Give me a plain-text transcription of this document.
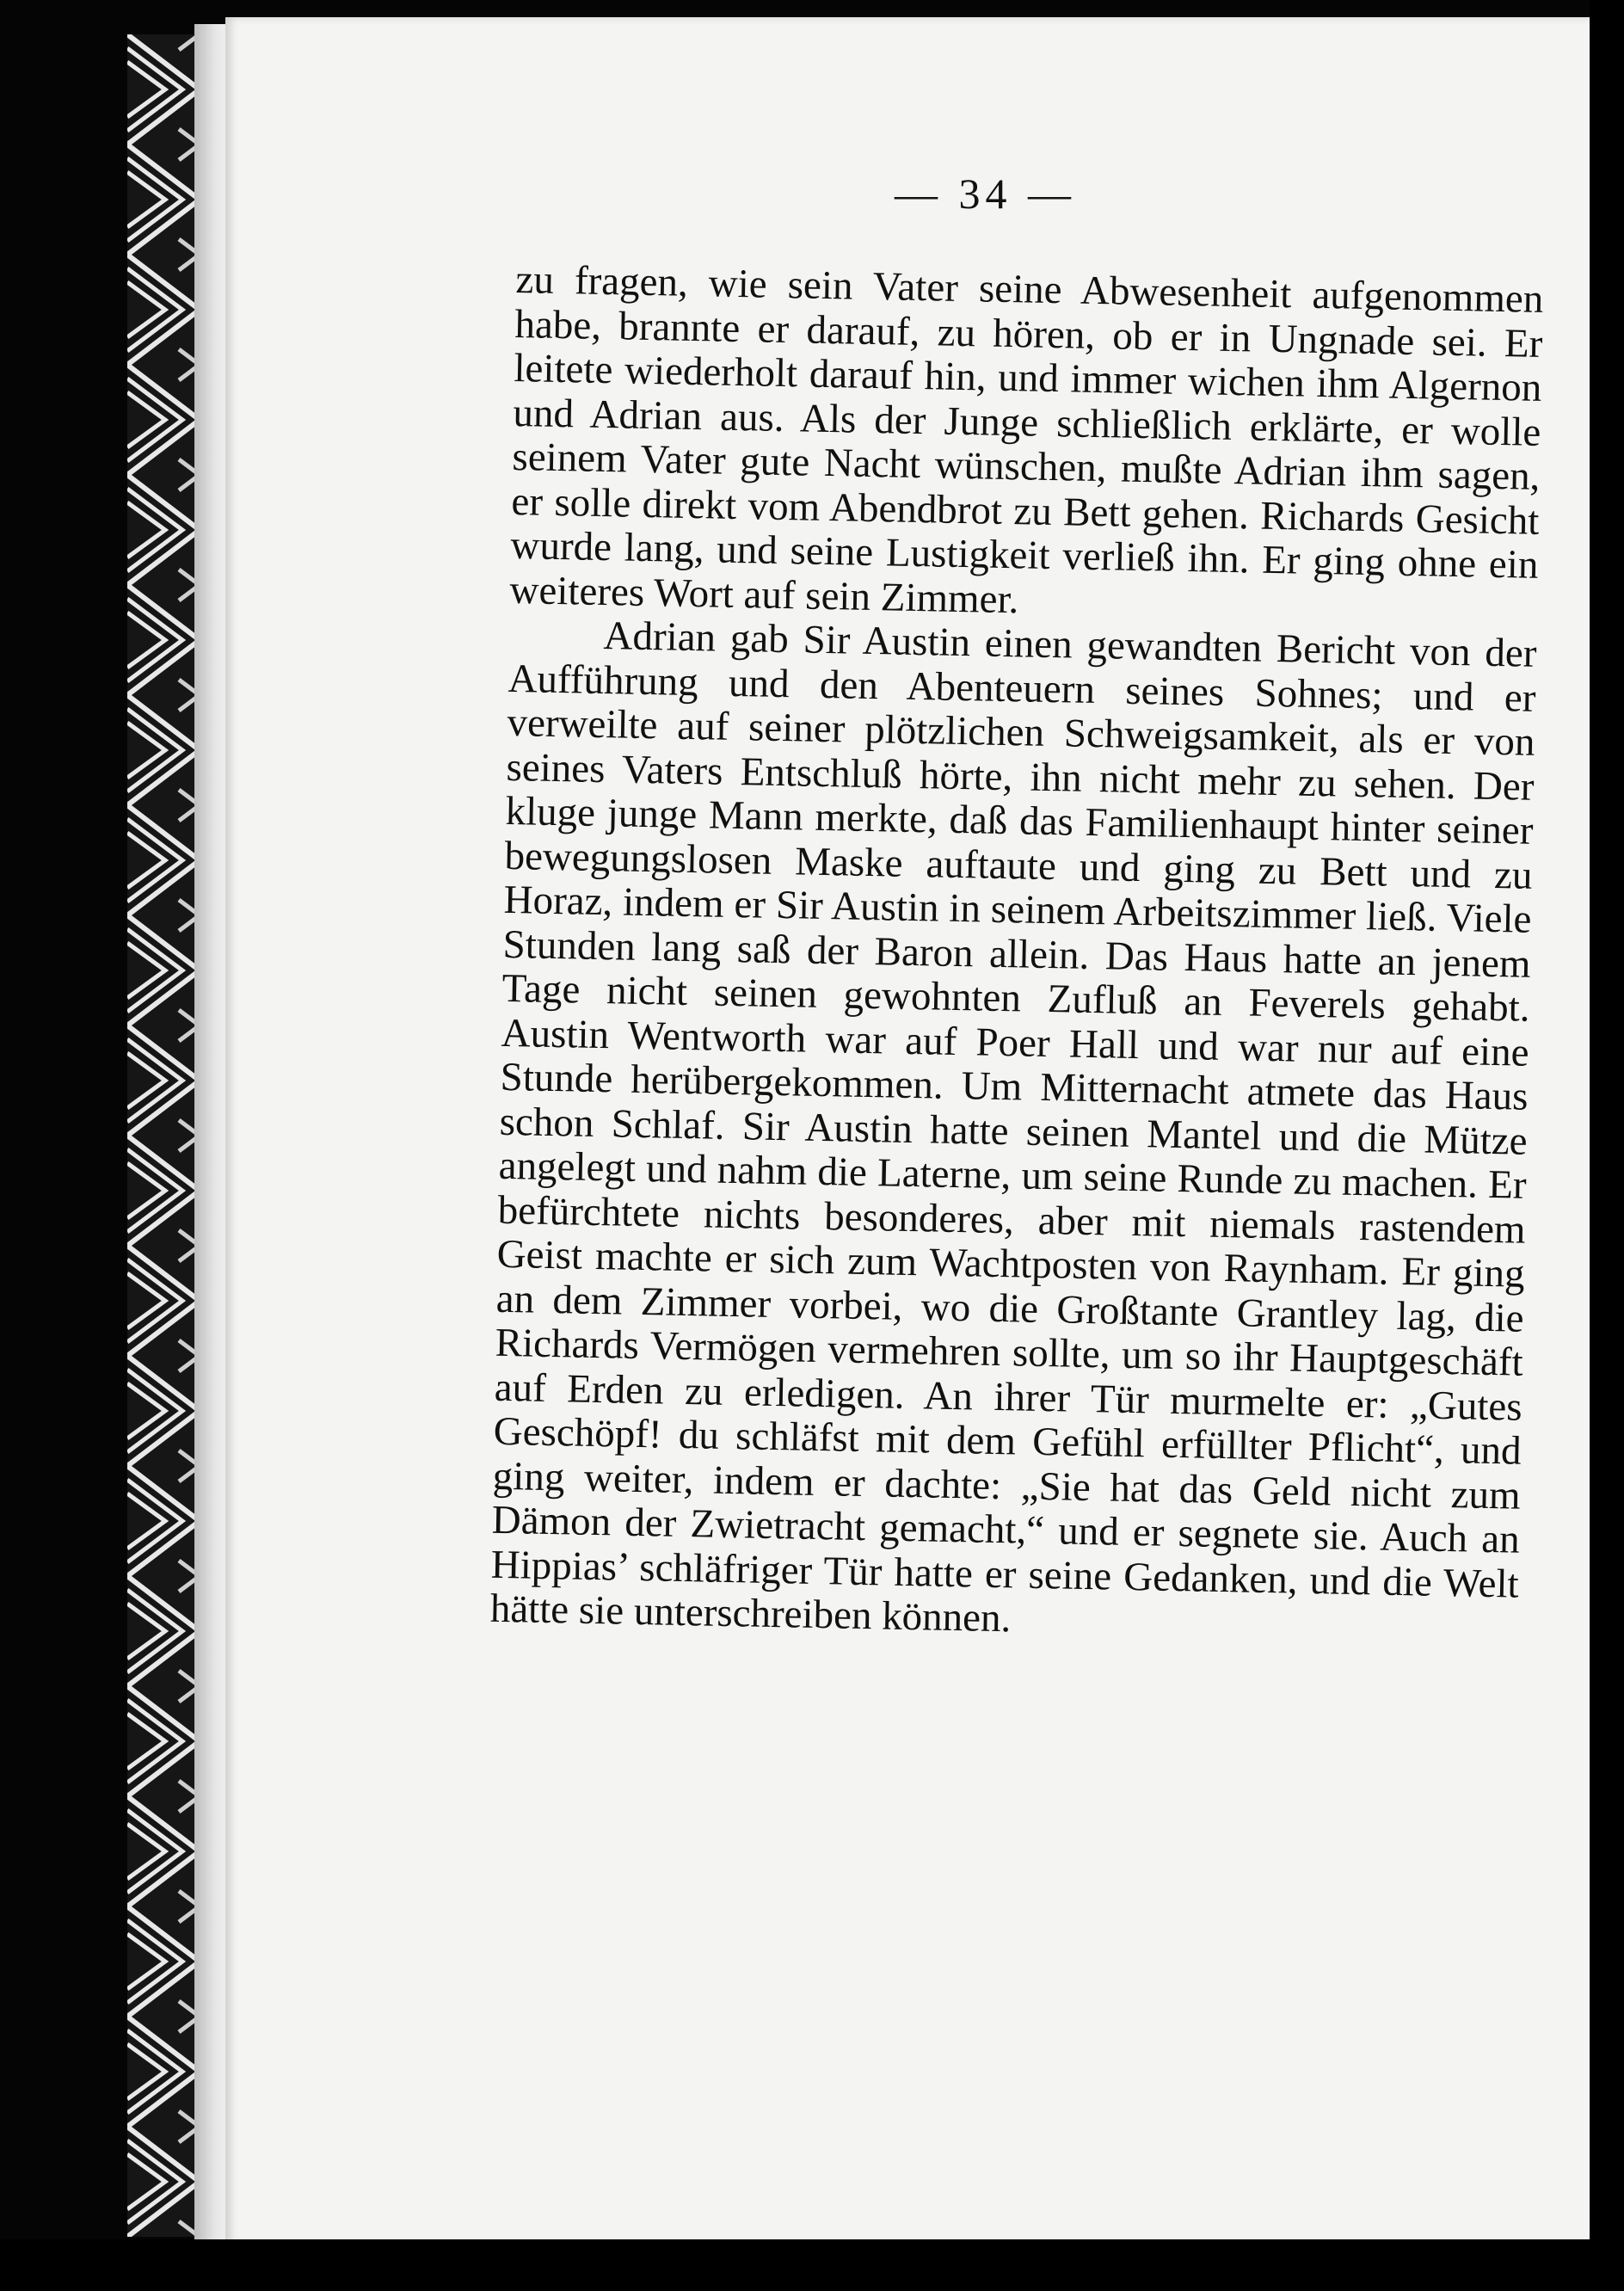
— 34 —

zu fragen, wie sein Vater seine Abwesenheit aufgenommen habe, brannte er darauf, zu hören, ob er in Ungnade sei. Er leitete wiederholt darauf hin, und immer wichen ihm Algernon und Adrian aus. Als der Junge schließlich erklärte, er wolle seinem Vater gute Nacht wünschen, mußte Adrian ihm sagen, er solle direkt vom Abendbrot zu Bett gehen. Richards Gesicht wurde lang, und seine Lustigkeit verließ ihn. Er ging ohne ein weiteres Wort auf sein Zimmer.

Adrian gab Sir Austin einen gewandten Bericht von der Aufführung und den Abenteuern seines Sohnes; und er verweilte auf seiner plötzlichen Schweigsamkeit, als er von seines Vaters Entschluß hörte, ihn nicht mehr zu sehen. Der kluge junge Mann merkte, daß das Familienhaupt hinter seiner bewegungslosen Maske auftaute und ging zu Bett und zu Horaz, indem er Sir Austin in seinem Arbeitszimmer ließ. Viele Stunden lang saß der Baron allein. Das Haus hatte an jenem Tage nicht seinen gewohnten Zufluß an Feverels gehabt. Austin Wentworth war auf Poer Hall und war nur auf eine Stunde herübergekommen. Um Mitternacht atmete das Haus schon Schlaf. Sir Austin hatte seinen Mantel und die Mütze angelegt und nahm die Laterne, um seine Runde zu machen. Er befürchtete nichts besonderes, aber mit niemals rastendem Geist machte er sich zum Wachtposten von Raynham. Er ging an dem Zimmer vorbei, wo die Großtante Grantley lag, die Richards Vermögen vermehren sollte, um so ihr Hauptgeschäft auf Erden zu erledigen. An ihrer Tür murmelte er: „Gutes Geschöpf! du schläfst mit dem Gefühl erfüllter Pflicht“, und ging weiter, indem er dachte: „Sie hat das Geld nicht zum Dämon der Zwietracht gemacht,“ und er segnete sie. Auch an Hippias’ schläfriger Tür hatte er seine Gedanken, und die Welt hätte sie unterschreiben können.
